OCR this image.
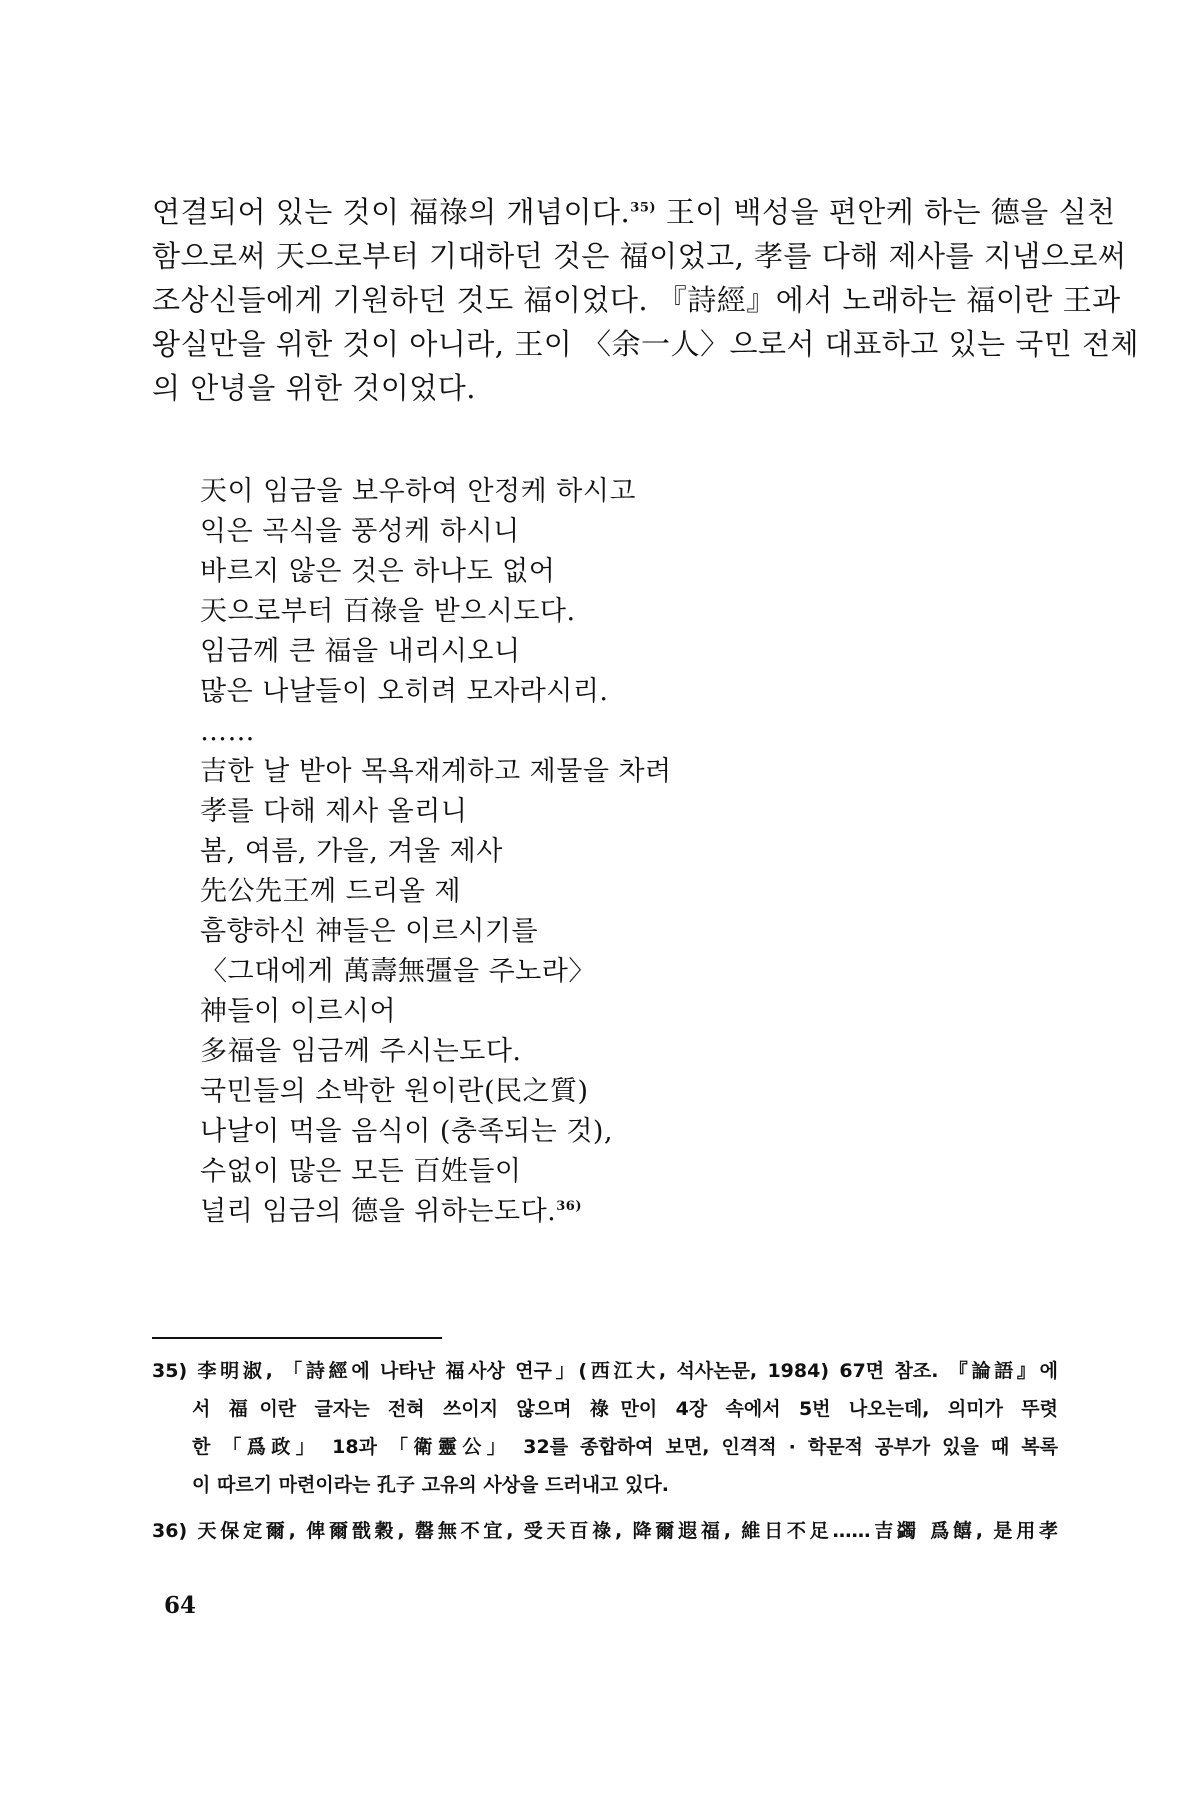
연결되어 있는 것이 福祿의 개념이다.$^{35)}$ 王이 백성을 편안케 하는 德을 실천
함으로써 天으로부터 기대하던 것은 福이었고, 孝를 다해 제사를 지냄으로써
조상신들에게 기원하던 것도 福이었다. 『詩經』에서 노래하는 福이란 王과
왕실만을 위한 것이 아니라, 王이 〈余一人〉으로서 대표하고 있는 국민 전체
의 안녕을 위한 것이었다.
天이 임금을 보우하여 안정케 하시고
익은 곡식을 풍성케 하시니
바르지 않은 것은 하나도 없어
天으로부터 百祿을 받으시도다.
임금께 큰 福을 내리시오니
많은 나날들이 오히려 모자라시리.
……
吉한 날 받아 목욕재계하고 제물을 차려
孝를 다해 제사 올리니
봄, 여름, 가을, 겨울 제사
先公先王께 드리올 제
흠향하신 神들은 이르시기를
〈그대에게 萬壽無彊을 주노라〉
神들이 이르시어
多福을 임금께 주시는도다.
국민들의 소박한 원이란(民之質)
나날이 먹을 음식이 (충족되는 것),
수없이 많은 모든 百姓들이
널리 임금의 德을 위하는도다.$^{36)}$
35) 李明淑, 「詩經에 나타난 福사상 연구」(西江大, 석사논문, 1984) 67면 참조. 『論語』에
서 福이란 글자는 전혀 쓰이지 않으며 祿만이 4장 속에서 5번 나오는데, 의미가 뚜렷
한 「爲政」 18과 「衛靈公」 32를 종합하여 보면, 인격적 · 학문적 공부가 있을 때 복록
이 따르기 마련이라는 孔子 고유의 사상을 드러내고 있다.
36) 天保定爾, 俾爾戩穀, 罄無不宜, 受天百祿, 降爾遐福, 維日不足……吉蠲 爲饎, 是用孝
64
